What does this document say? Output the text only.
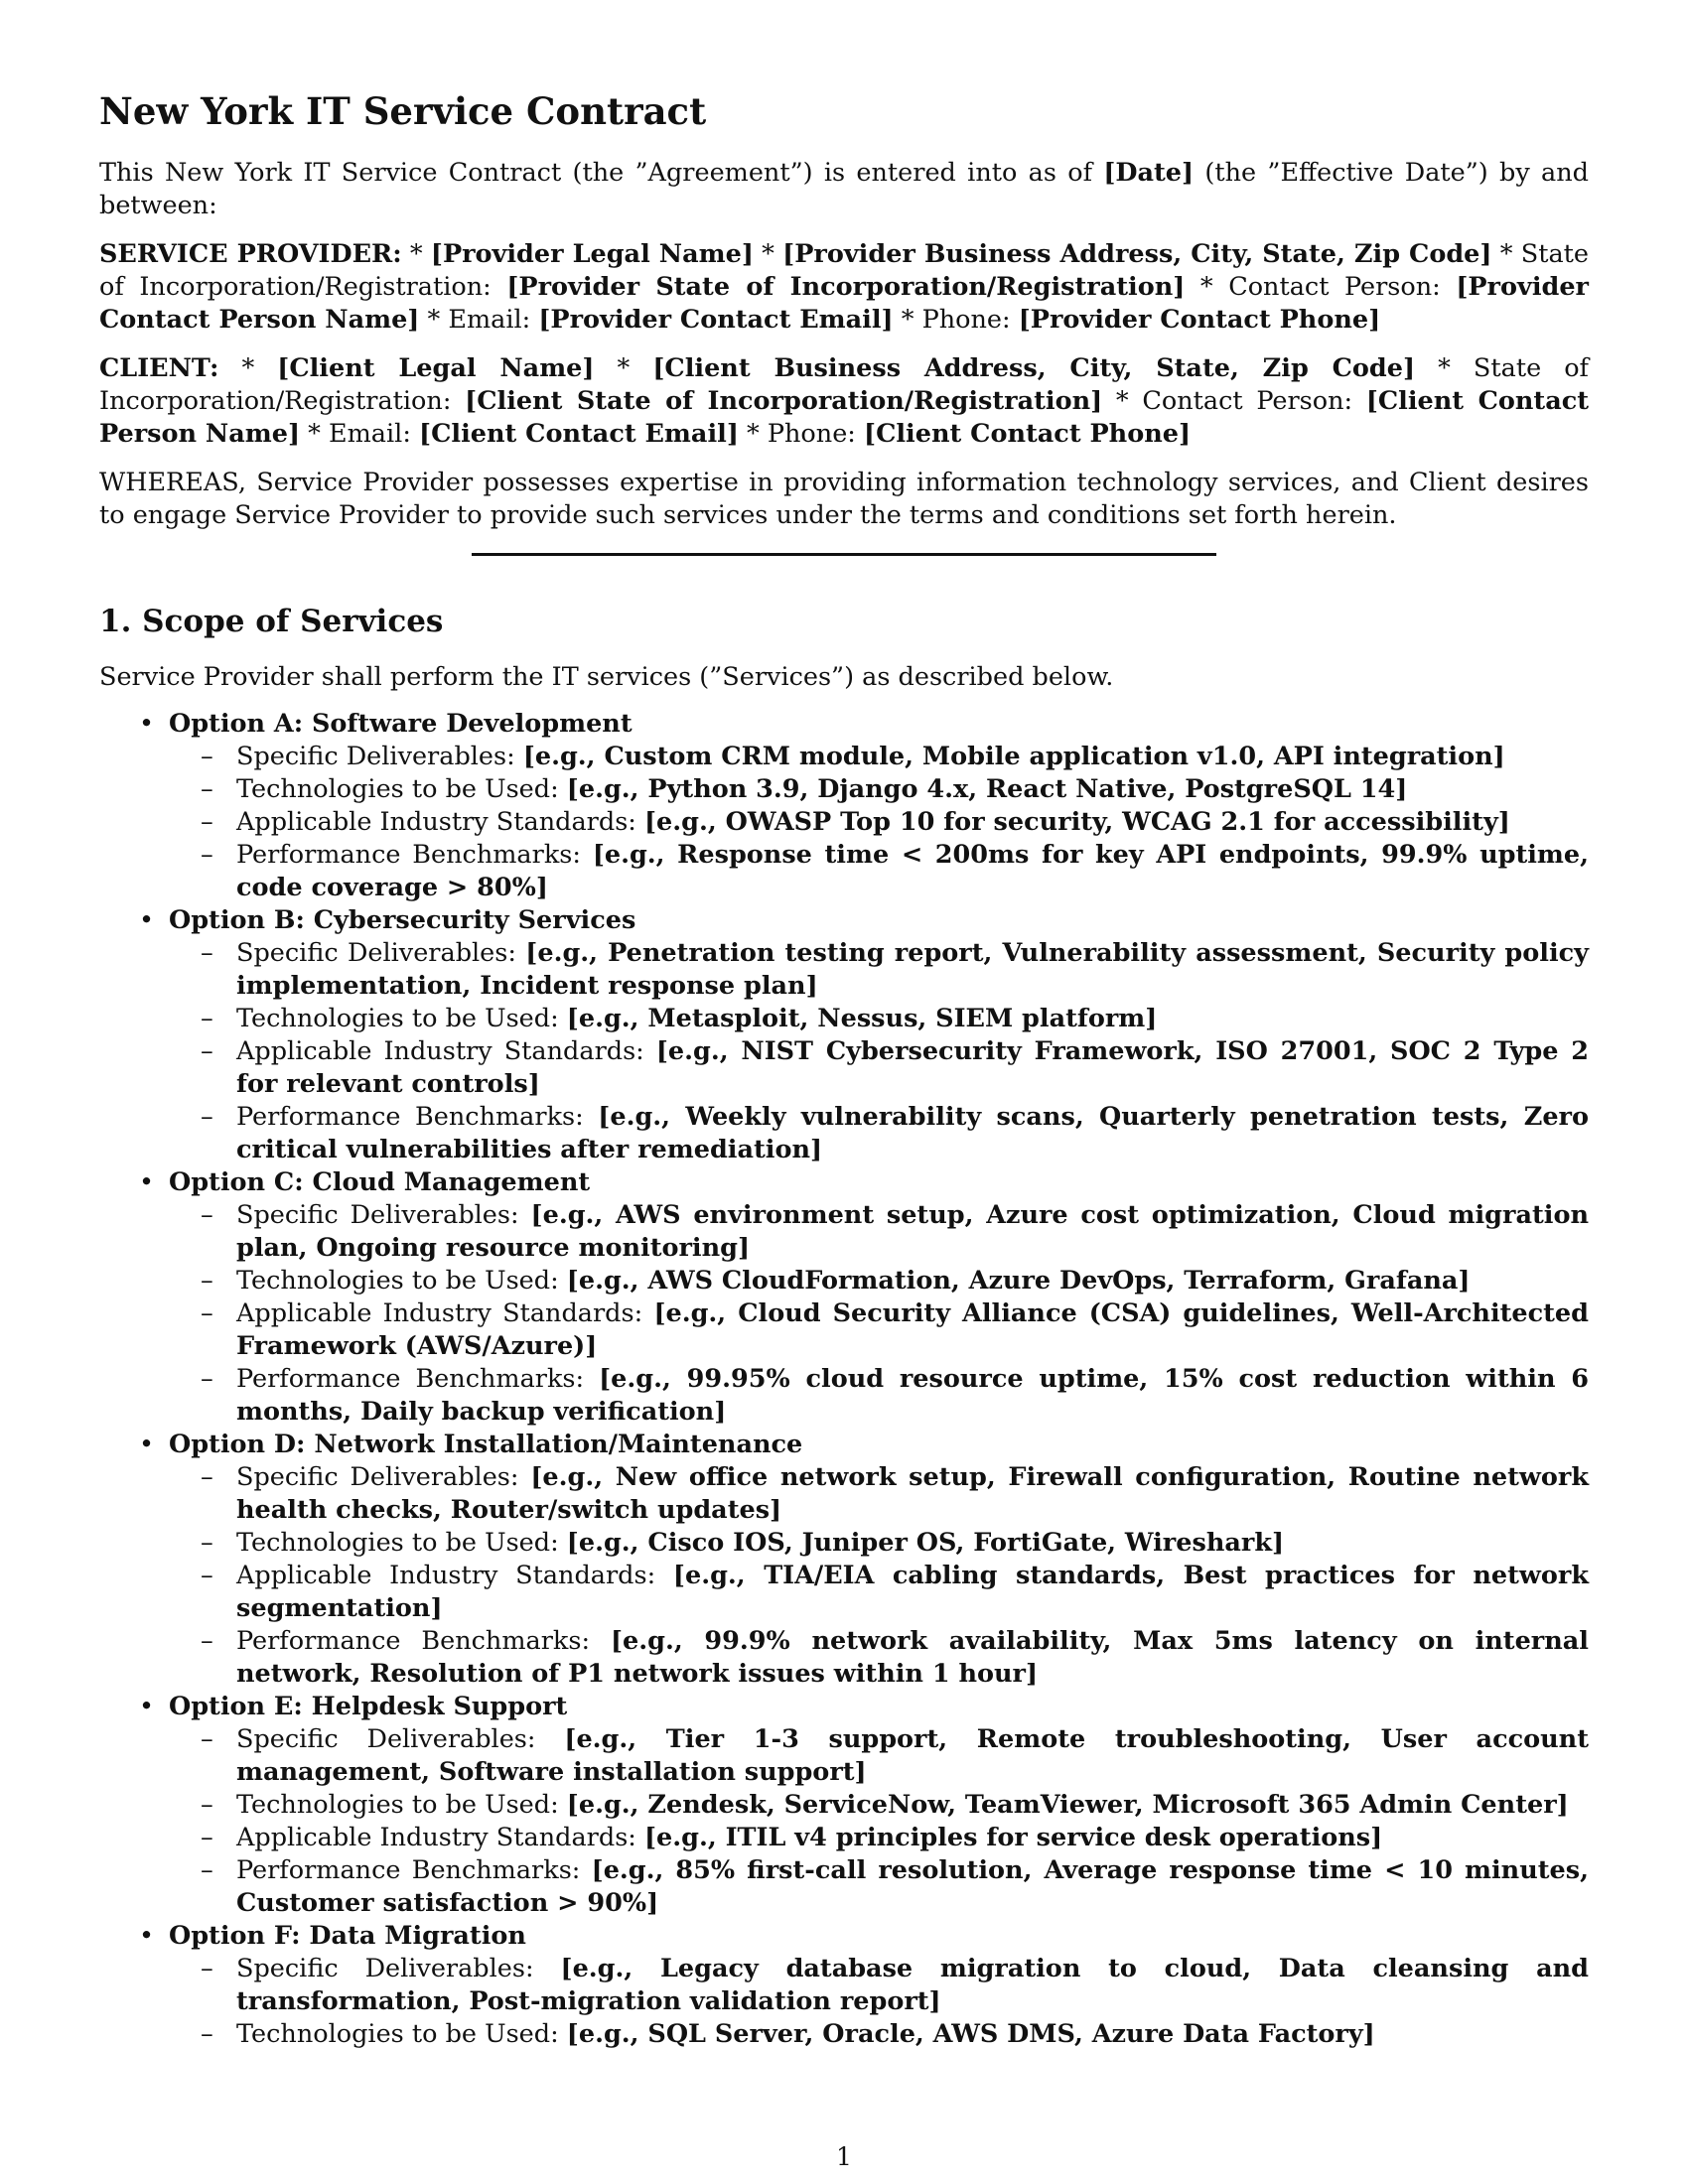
New York IT Service Contract

This New York IT Service Contract (the ”Agreement”) is entered into as of [Date] (the ”Effective Date”) by and between:

SERVICE PROVIDER: * [Provider Legal Name] * [Provider Business Address, City, State, Zip Code] * State of Incorporation/Registration: [Provider State of Incorporation/Registration] * Contact Person: [Provider Contact Person Name] * Email: [Provider Contact Email] * Phone: [Provider Contact Phone]

CLIENT: * [Client Legal Name] * [Client Business Address, City, State, Zip Code] * State of Incorporation/Registration: [Client State of Incorporation/Registration] * Contact Person: [Client Contact Person Name] * Email: [Client Contact Email] * Phone: [Client Contact Phone]

WHEREAS, Service Provider possesses expertise in providing information technology services, and Client desires to engage Service Provider to provide such services under the terms and conditions set forth herein.

1. Scope of Services

Service Provider shall perform the IT services (”Services”) as described below.

• Option A: Software Development
– Specific Deliverables: [e.g., Custom CRM module, Mobile application v1.0, API integration]
– Technologies to be Used: [e.g., Python 3.9, Django 4.x, React Native, PostgreSQL 14]
– Applicable Industry Standards: [e.g., OWASP Top 10 for security, WCAG 2.1 for accessibility]
– Performance Benchmarks: [e.g., Response time < 200ms for key API endpoints, 99.9% uptime, code coverage > 80%]
• Option B: Cybersecurity Services
– Specific Deliverables: [e.g., Penetration testing report, Vulnerability assessment, Security policy implementation, Incident response plan]
– Technologies to be Used: [e.g., Metasploit, Nessus, SIEM platform]
– Applicable Industry Standards: [e.g., NIST Cybersecurity Framework, ISO 27001, SOC 2 Type 2 for relevant controls]
– Performance Benchmarks: [e.g., Weekly vulnerability scans, Quarterly penetration tests, Zero critical vulnerabilities after remediation]
• Option C: Cloud Management
– Specific Deliverables: [e.g., AWS environment setup, Azure cost optimization, Cloud migration plan, Ongoing resource monitoring]
– Technologies to be Used: [e.g., AWS CloudFormation, Azure DevOps, Terraform, Grafana]
– Applicable Industry Standards: [e.g., Cloud Security Alliance (CSA) guidelines, Well-Architected Framework (AWS/Azure)]
– Performance Benchmarks: [e.g., 99.95% cloud resource uptime, 15% cost reduction within 6 months, Daily backup verification]
• Option D: Network Installation/Maintenance
– Specific Deliverables: [e.g., New office network setup, Firewall configuration, Routine network health checks, Router/switch updates]
– Technologies to be Used: [e.g., Cisco IOS, Juniper OS, FortiGate, Wireshark]
– Applicable Industry Standards: [e.g., TIA/EIA cabling standards, Best practices for network segmentation]
– Performance Benchmarks: [e.g., 99.9% network availability, Max 5ms latency on internal network, Resolution of P1 network issues within 1 hour]
• Option E: Helpdesk Support
– Specific Deliverables: [e.g., Tier 1-3 support, Remote troubleshooting, User account management, Software installation support]
– Technologies to be Used: [e.g., Zendesk, ServiceNow, TeamViewer, Microsoft 365 Admin Center]
– Applicable Industry Standards: [e.g., ITIL v4 principles for service desk operations]
– Performance Benchmarks: [e.g., 85% first-call resolution, Average response time < 10 minutes, Customer satisfaction > 90%]
• Option F: Data Migration
– Specific Deliverables: [e.g., Legacy database migration to cloud, Data cleansing and transformation, Post-migration validation report]
– Technologies to be Used: [e.g., SQL Server, Oracle, AWS DMS, Azure Data Factory]
1
